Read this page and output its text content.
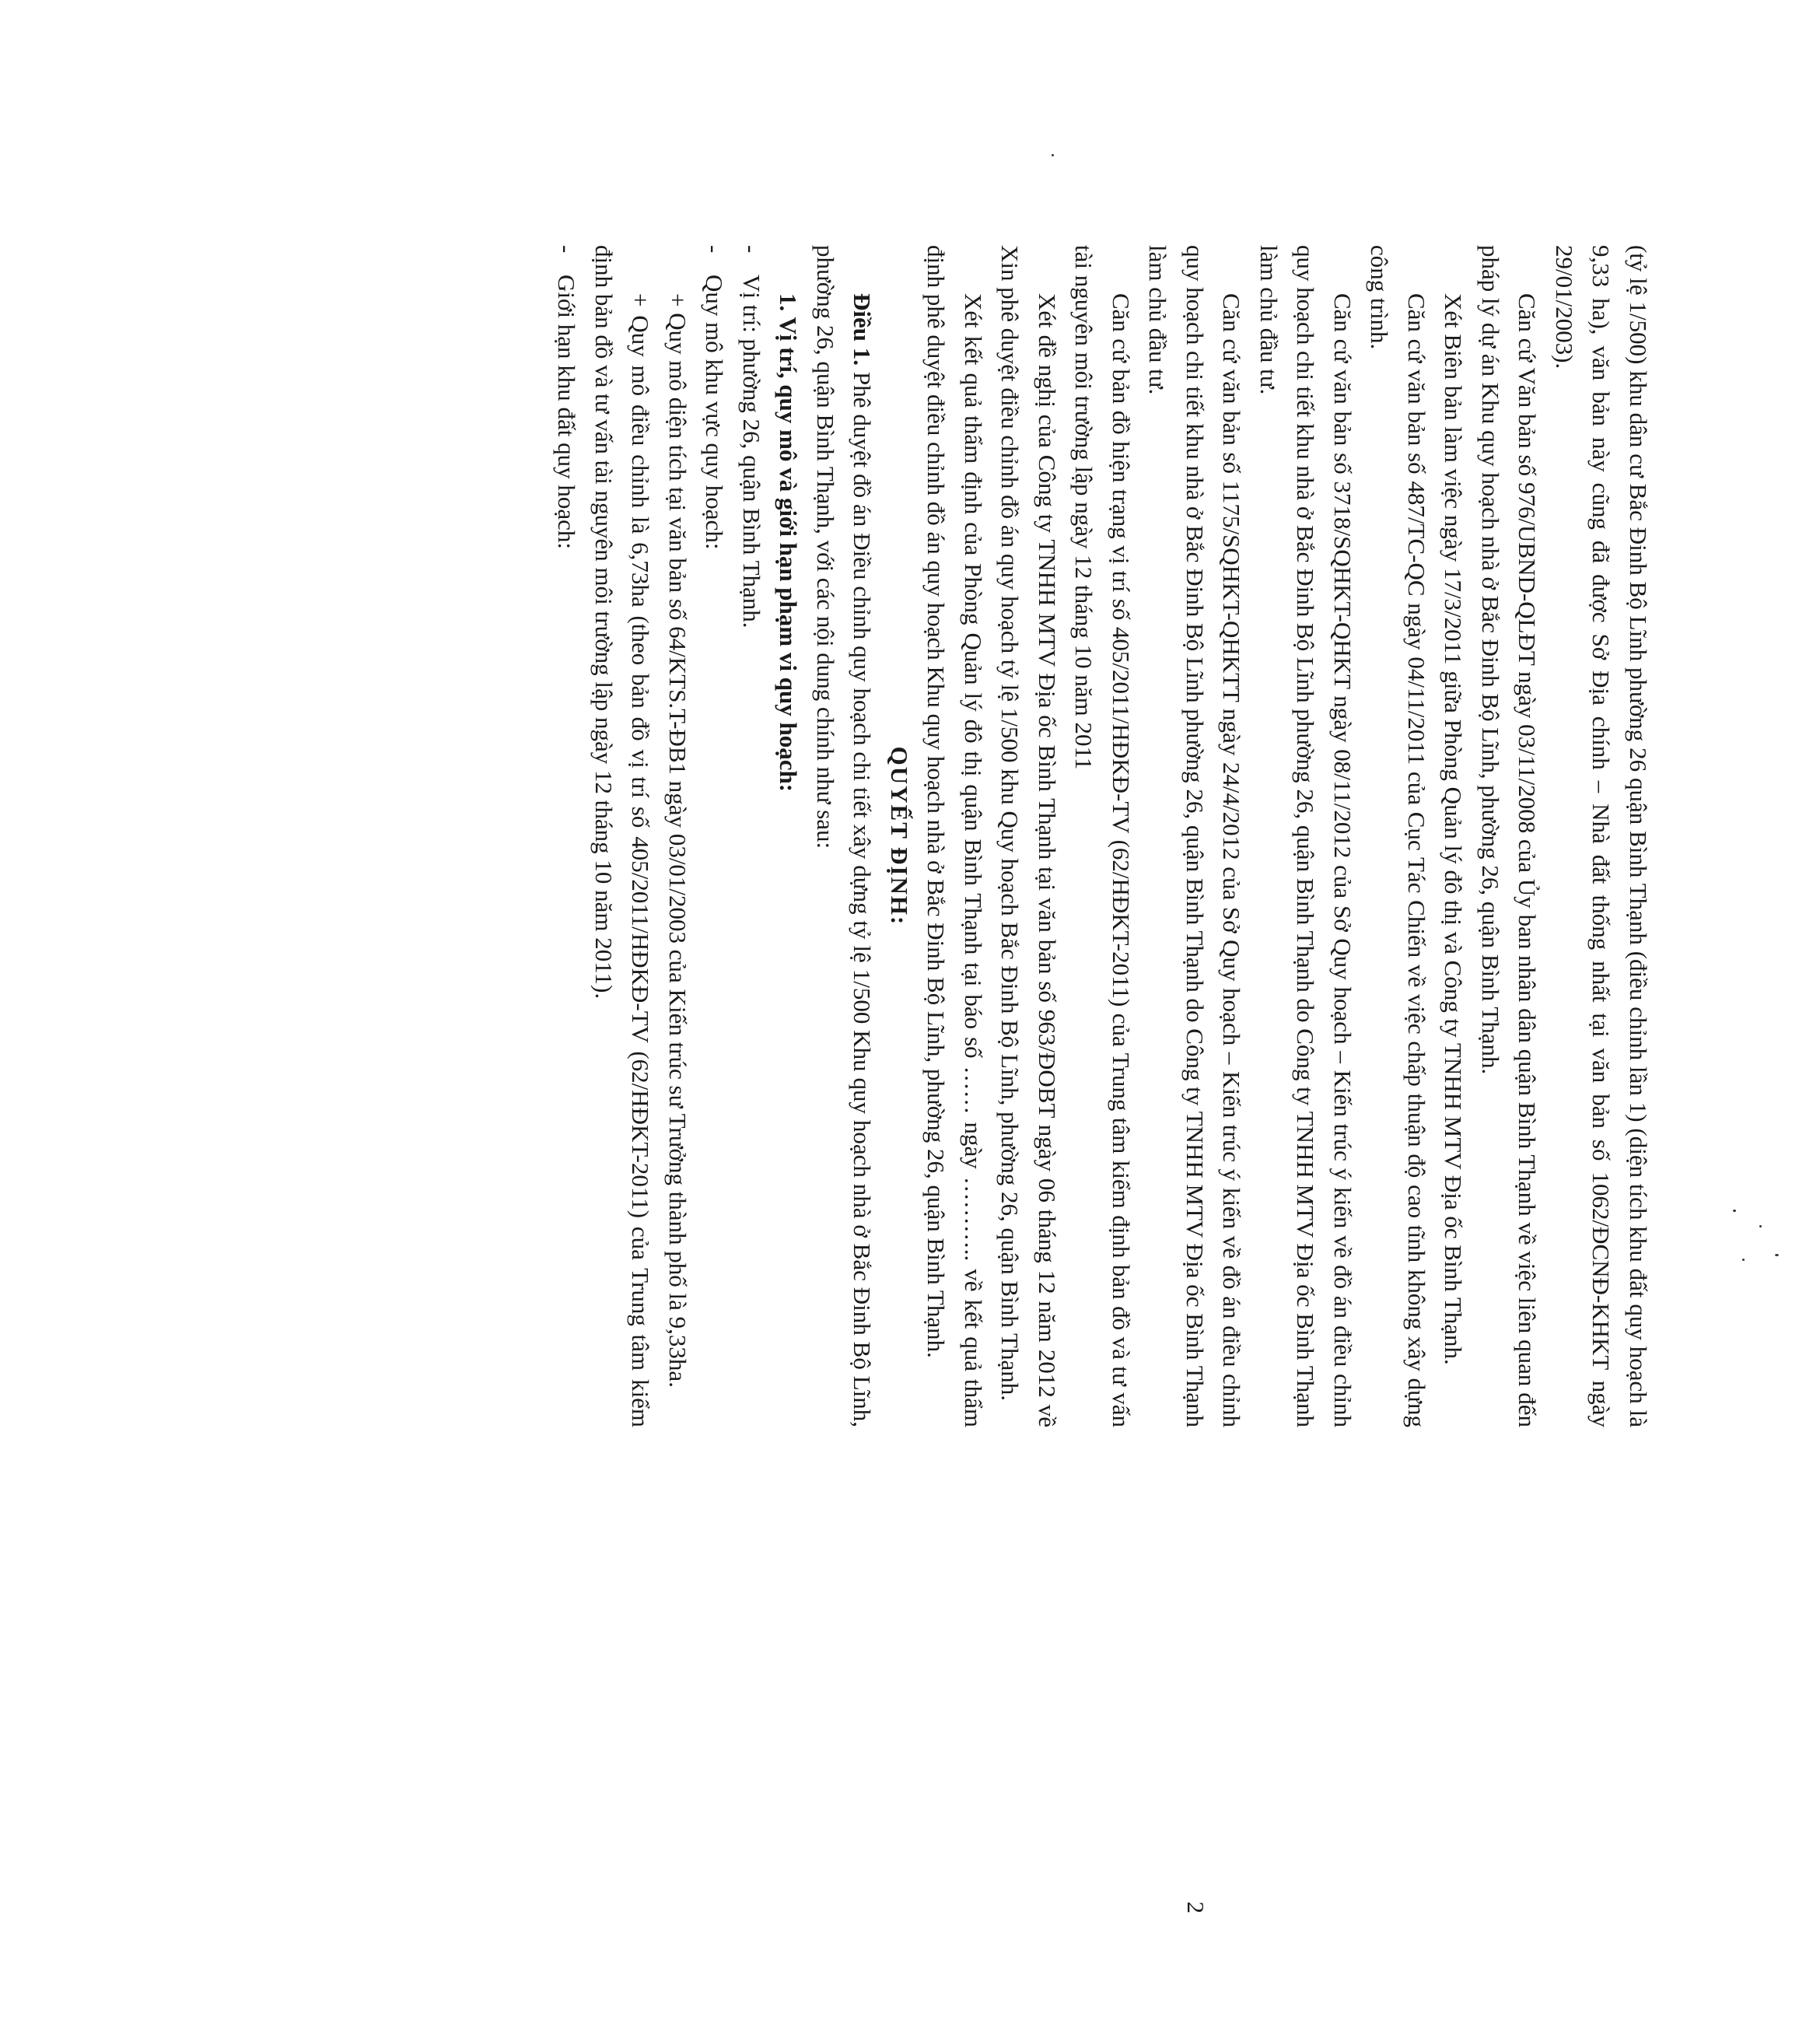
(tỷ lệ 1/500) khu dân cư Bắc Đinh Bộ Lĩnh phường 26 quận Bình Thạnh (điều chỉnh lần 1) (diện tích khu đất quy hoạch là 9,33 ha), văn bản này cũng đã được Sở Địa chính – Nhà đất thống nhất tại văn bản số 1062/ĐCNĐ-KHKT ngày 29/01/2003).

Căn cứ Văn bản số 976/UBND-QLĐT ngày 03/11/2008 của Ủy ban nhân dân quận Bình Thạnh về việc liên quan đến pháp lý dự án Khu quy hoạch nhà ở Bắc Đinh Bộ Lĩnh, phường 26, quận Bình Thạnh.

Xét Biên bản làm việc ngày 17/3/2011 giữa Phòng Quản lý đô thị và Công ty TNHH MTV Địa ốc Bình Thạnh.

Căn cứ văn bản số 487/TC-QC ngày 04/11/2011 của Cục Tác Chiến về việc chấp thuận độ cao tĩnh không xây dựng công trình.

Căn cứ văn bản số 3718/SQHKT-QHKT ngày 08/11/2012 của Sở Quy hoạch – Kiến trúc ý kiến về đồ án điều chỉnh quy hoạch chi tiết khu nhà ở Bắc Đinh Bộ Lĩnh phường 26, quận Bình Thạnh do Công ty TNHH MTV Địa ốc Bình Thạnh làm chủ đầu tư.

Căn cứ văn bản số 1175/SQHKT-QHKTT ngày 24/4/2012 của Sở Quy hoạch – Kiến trúc ý kiến về đồ án điều chỉnh quy hoạch chi tiết khu nhà ở Bắc Đinh Bộ Lĩnh phường 26, quận Bình Thạnh do Công ty TNHH MTV Địa ốc Bình Thạnh làm chủ đầu tư.

Căn cứ bản đồ hiện trạng vị trí số 405/2011/HĐKĐ-TV (62/HĐKT-2011) của Trung tâm kiểm định bản đồ và tư vấn tài nguyên môi trường lập ngày 12 tháng 10 năm 2011

Xét đề nghị của Công ty TNHH MTV Địa ốc Bình Thạnh tại văn bản số 963/ĐOBT ngày 06 tháng 12 năm 2012 về Xin phê duyệt điều chỉnh đồ án quy hoạch tỷ lệ 1/500 khu Quy hoạch Bắc Đinh Bộ Lĩnh, phường 26, quận Bình Thạnh.

Xét kết quả thẩm định của Phòng Quản lý đô thị quận Bình Thạnh tại báo số …… ngày ……….. về kết quả thẩm định phê duyệt điều chỉnh đồ án quy hoạch Khu quy hoạch nhà ở Bắc Đinh Bộ Lĩnh, phường 26, quận Bình Thạnh.

QUYẾT ĐỊNH:

Điều 1. Phê duyệt đồ án Điều chỉnh quy hoạch chi tiết xây dựng tỷ lệ 1/500 Khu quy hoạch nhà ở Bắc Đinh Bộ Lĩnh, phường 26, quận Bình Thạnh, với các nội dung chính như sau:

1. Vị trí, quy mô và giới hạn phạm vi quy hoạch:

-Vị trí: phường 26, quận Bình Thạnh.

-Quy mô khu vực quy hoạch:

+ Quy mô diện tích tại văn bản số 64/KTS.T-ĐB1 ngày 03/01/2003 của Kiến trúc sư Trưởng thành phố là 9,33ha.

+ Quy mô điều chỉnh là 6,73ha (theo bản đồ vị trí số 405/2011/HĐKĐ-TV (62/HĐKT-2011) của Trung tâm kiểm định bản đồ và tư vấn tài nguyên môi trường lập ngày 12 tháng 10 năm 2011).

-Giới hạn khu đất quy hoạch:

2
